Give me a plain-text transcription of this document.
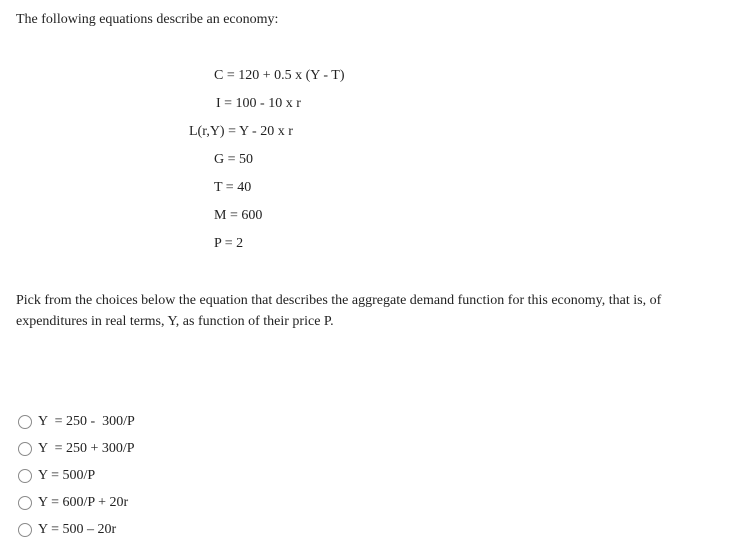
The following equations describe an economy:

C = 120 + 0.5 x (Y - T)

I = 100 - 10 x r

L(r,Y) = Y - 20 x r

G = 50

T = 40

M = 600

P = 2

Pick from the choices below the equation that describes the aggregate demand function for this economy, that is, of expenditures in real terms, Y, as function of their price P.

Y  = 250 -  300/P
Y  = 250 + 300/P
Y = 500/P
Y = 600/P + 20r
Y = 500 – 20r
